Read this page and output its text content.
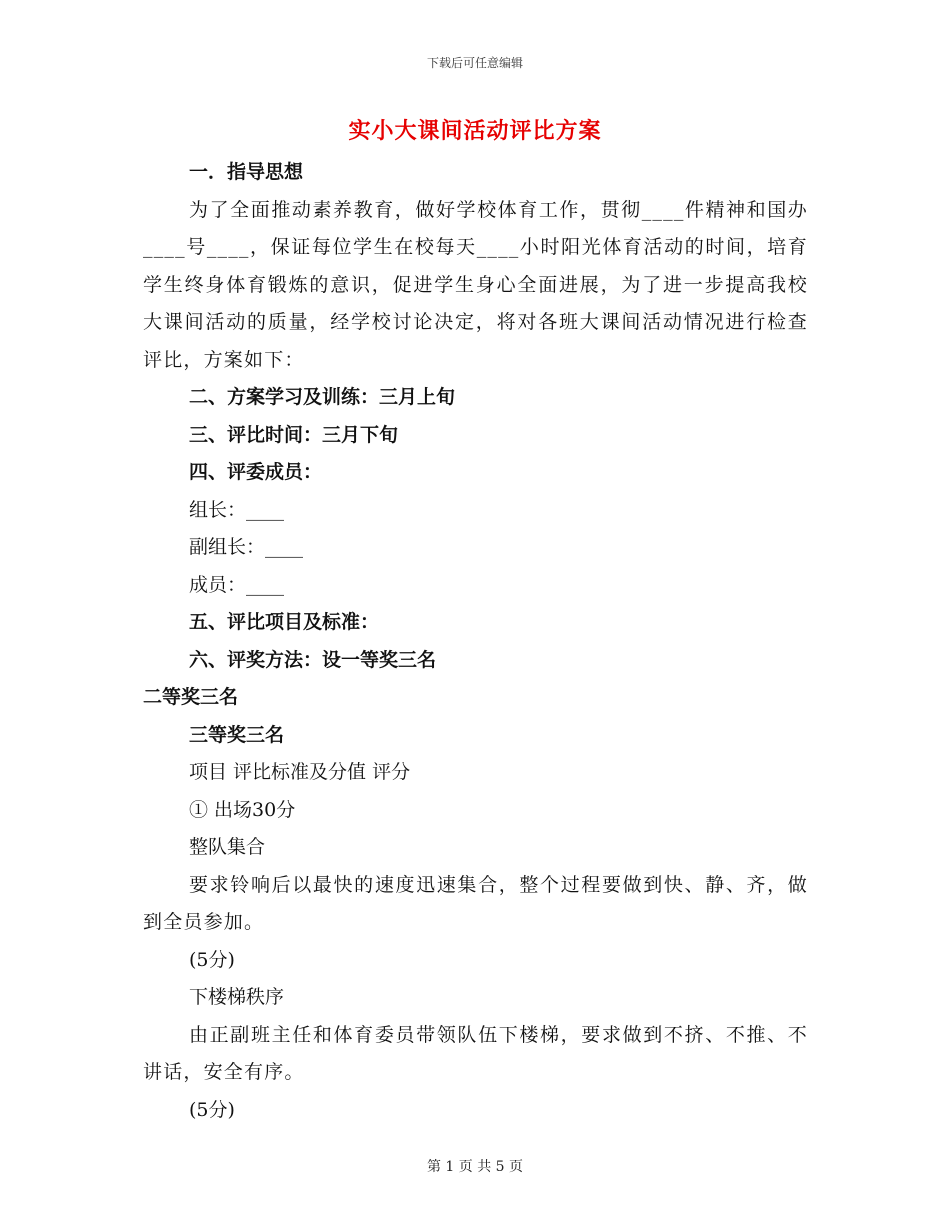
下载后可任意编辑
实小大课间活动评比方案
一．指导思想
为了全面推动素养教育，做好学校体育工作，贯彻____件精神和国办____号____，保证每位学生在校每天____小时阳光体育活动的时间，培育学生终身体育锻炼的意识，促进学生身心全面进展，为了进一步提高我校大课间活动的质量，经学校讨论决定，将对各班大课间活动情况进行检查评比，方案如下：
二、方案学习及训练：三月上旬
三、评比时间：三月下旬
四、评委成员：
组长：____
副组长：____
成员：____
五、评比项目及标准：
六、评奖方法：设一等奖三名
二等奖三名
三等奖三名
项目 评比标准及分值 评分
① 出场30分
整队集合
要求铃响后以最快的速度迅速集合，整个过程要做到快、静、齐，做到全员参加。
(5分)
下楼梯秩序
由正副班主任和体育委员带领队伍下楼梯，要求做到不挤、不推、不讲话，安全有序。
(5分)
第 1 页 共 5 页
